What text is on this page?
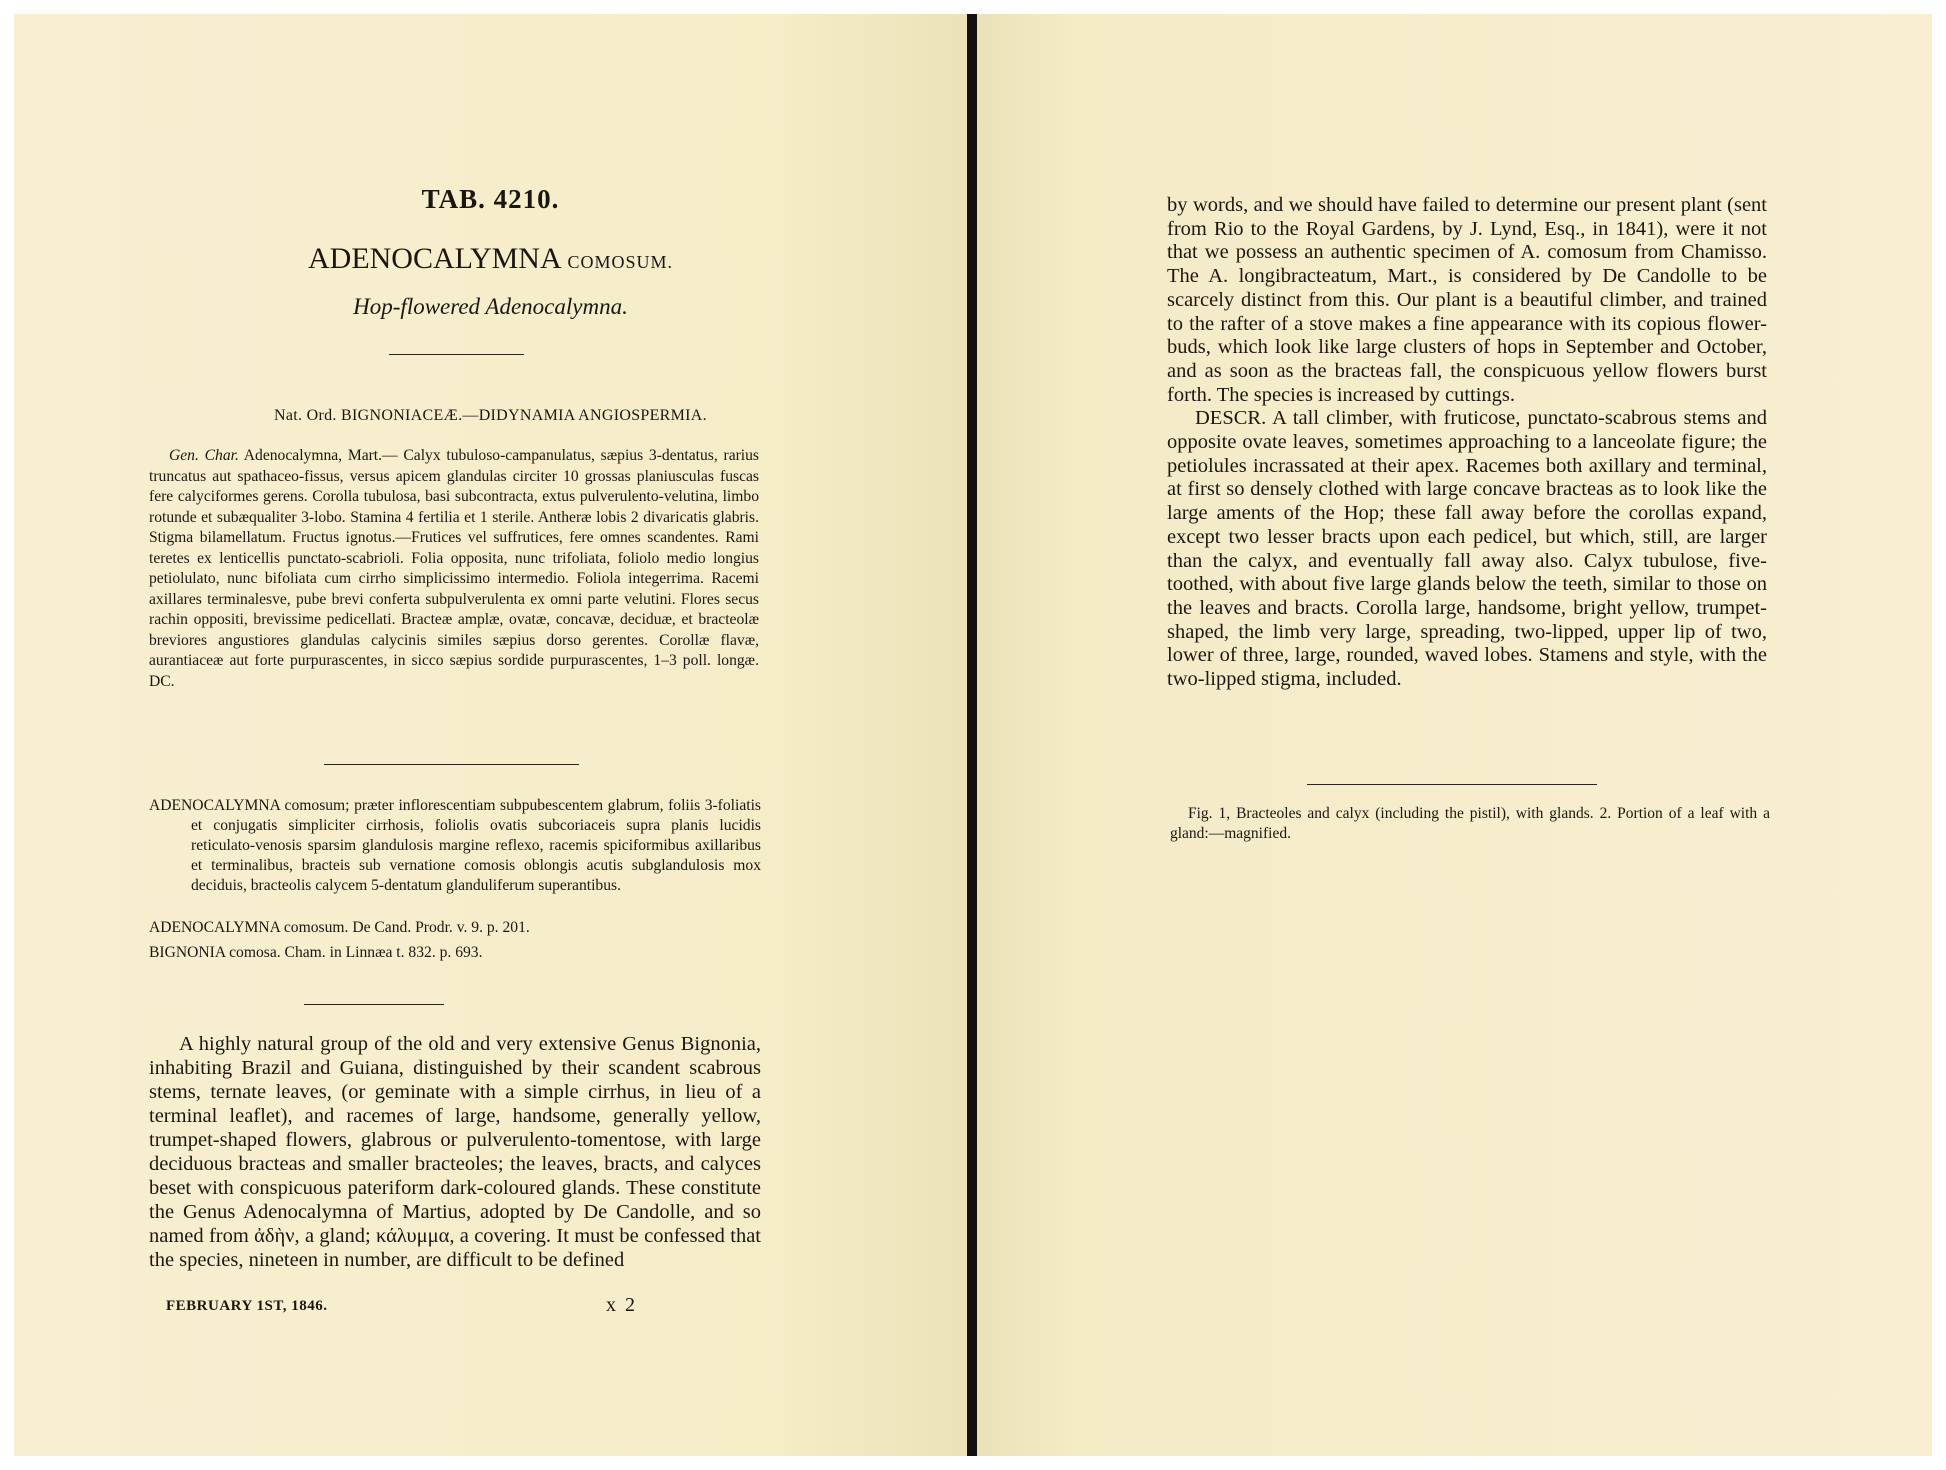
TAB. 4210.
ADENOCALYMNA COMOSUM.
Hop-flowered Adenocalymna.
Nat. Ord. BIGNONIACEÆ.—DIDYNAMIA ANGIOSPERMIA.
Gen. Char. Adenocalymna, Mart.— Calyx tubuloso-campanulatus, sæpius 3-dentatus, rarius truncatus aut spathaceo-fissus, versus apicem glandulas circiter 10 grossas planiusculas fuscas fere calyciformes gerens. Corolla tubulosa, basi subcontracta, extus pulverulento-velutina, limbo rotunde et subæqualiter 3-lobo. Stamina 4 fertilia et 1 sterile. Antheræ lobis 2 divaricatis glabris. Stigma bilamellatum. Fructus ignotus.—Frutices vel suffrutices, fere omnes scandentes. Rami teretes ex lenticellis punctato-scabrioli. Folia opposita, nunc trifoliata, foliolo medio longius petiolulato, nunc bifoliata cum cirrho simplicissimo intermedio. Foliola integerrima. Racemi axillares terminalesve, pube brevi conferta subpulverulenta ex omni parte velutini. Flores secus rachin oppositi, brevissime pedicellati. Bracteæ amplæ, ovatæ, concavæ, deciduæ, et bracteolæ breviores angustiores glandulas calycinis similes sæpius dorso gerentes. Corollæ flavæ, aurantiaceæ aut forte purpurascentes, in sicco sæpius sordide purpurascentes, 1–3 poll. longæ. DC.
ADENOCALYMNA comosum; præter inflorescentiam subpubescentem glabrum, foliis 3-foliatis et conjugatis simpliciter cirrhosis, foliolis ovatis subcoriaceis supra planis lucidis reticulato-venosis sparsim glandulosis margine reflexo, racemis spiciformibus axillaribus et terminalibus, bracteis sub vernatione comosis oblongis acutis subglandulosis mox deciduis, bracteolis calycem 5-dentatum glanduliferum superantibus.
ADENOCALYMNA comosum. De Cand. Prodr. v. 9. p. 201.
BIGNONIA comosa. Cham. in Linnæa t. 832. p. 693.
A highly natural group of the old and very extensive Genus Bignonia, inhabiting Brazil and Guiana, distinguished by their scandent scabrous stems, ternate leaves, (or geminate with a simple cirrhus, in lieu of a terminal leaflet), and racemes of large, handsome, generally yellow, trumpet-shaped flowers, glabrous or pulverulento-tomentose, with large deciduous bracteas and smaller bracteoles; the leaves, bracts, and calyces beset with conspicuous pateriform dark-coloured glands. These constitute the Genus Adenocalymna of Martius, adopted by De Candolle, and so named from ἀδὴν, a gland; κάλυμμα, a covering. It must be confessed that the species, nineteen in number, are difficult to be defined
FEBRUARY 1ST, 1846.	x 2

by words, and we should have failed to determine our present plant (sent from Rio to the Royal Gardens, by J. Lynd, Esq., in 1841), were it not that we possess an authentic specimen of A. comosum from Chamisso. The A. longibracteatum, Mart., is considered by De Candolle to be scarcely distinct from this. Our plant is a beautiful climber, and trained to the rafter of a stove makes a fine appearance with its copious flower-buds, which look like large clusters of hops in September and October, and as soon as the bracteas fall, the conspicuous yellow flowers burst forth. The species is increased by cuttings.

DESCR. A tall climber, with fruticose, punctato-scabrous stems and opposite ovate leaves, sometimes approaching to a lanceolate figure; the petiolules incrassated at their apex. Racemes both axillary and terminal, at first so densely clothed with large concave bracteas as to look like the large aments of the Hop; these fall away before the corollas expand, except two lesser bracts upon each pedicel, but which, still, are larger than the calyx, and eventually fall away also. Calyx tubulose, five-toothed, with about five large glands below the teeth, similar to those on the leaves and bracts. Corolla large, handsome, bright yellow, trumpet-shaped, the limb very large, spreading, two-lipped, upper lip of two, lower of three, large, rounded, waved lobes. Stamens and style, with the two-lipped stigma, included.

Fig. 1, Bracteoles and calyx (including the pistil), with glands. 2. Portion of a leaf with a gland:—magnified.
